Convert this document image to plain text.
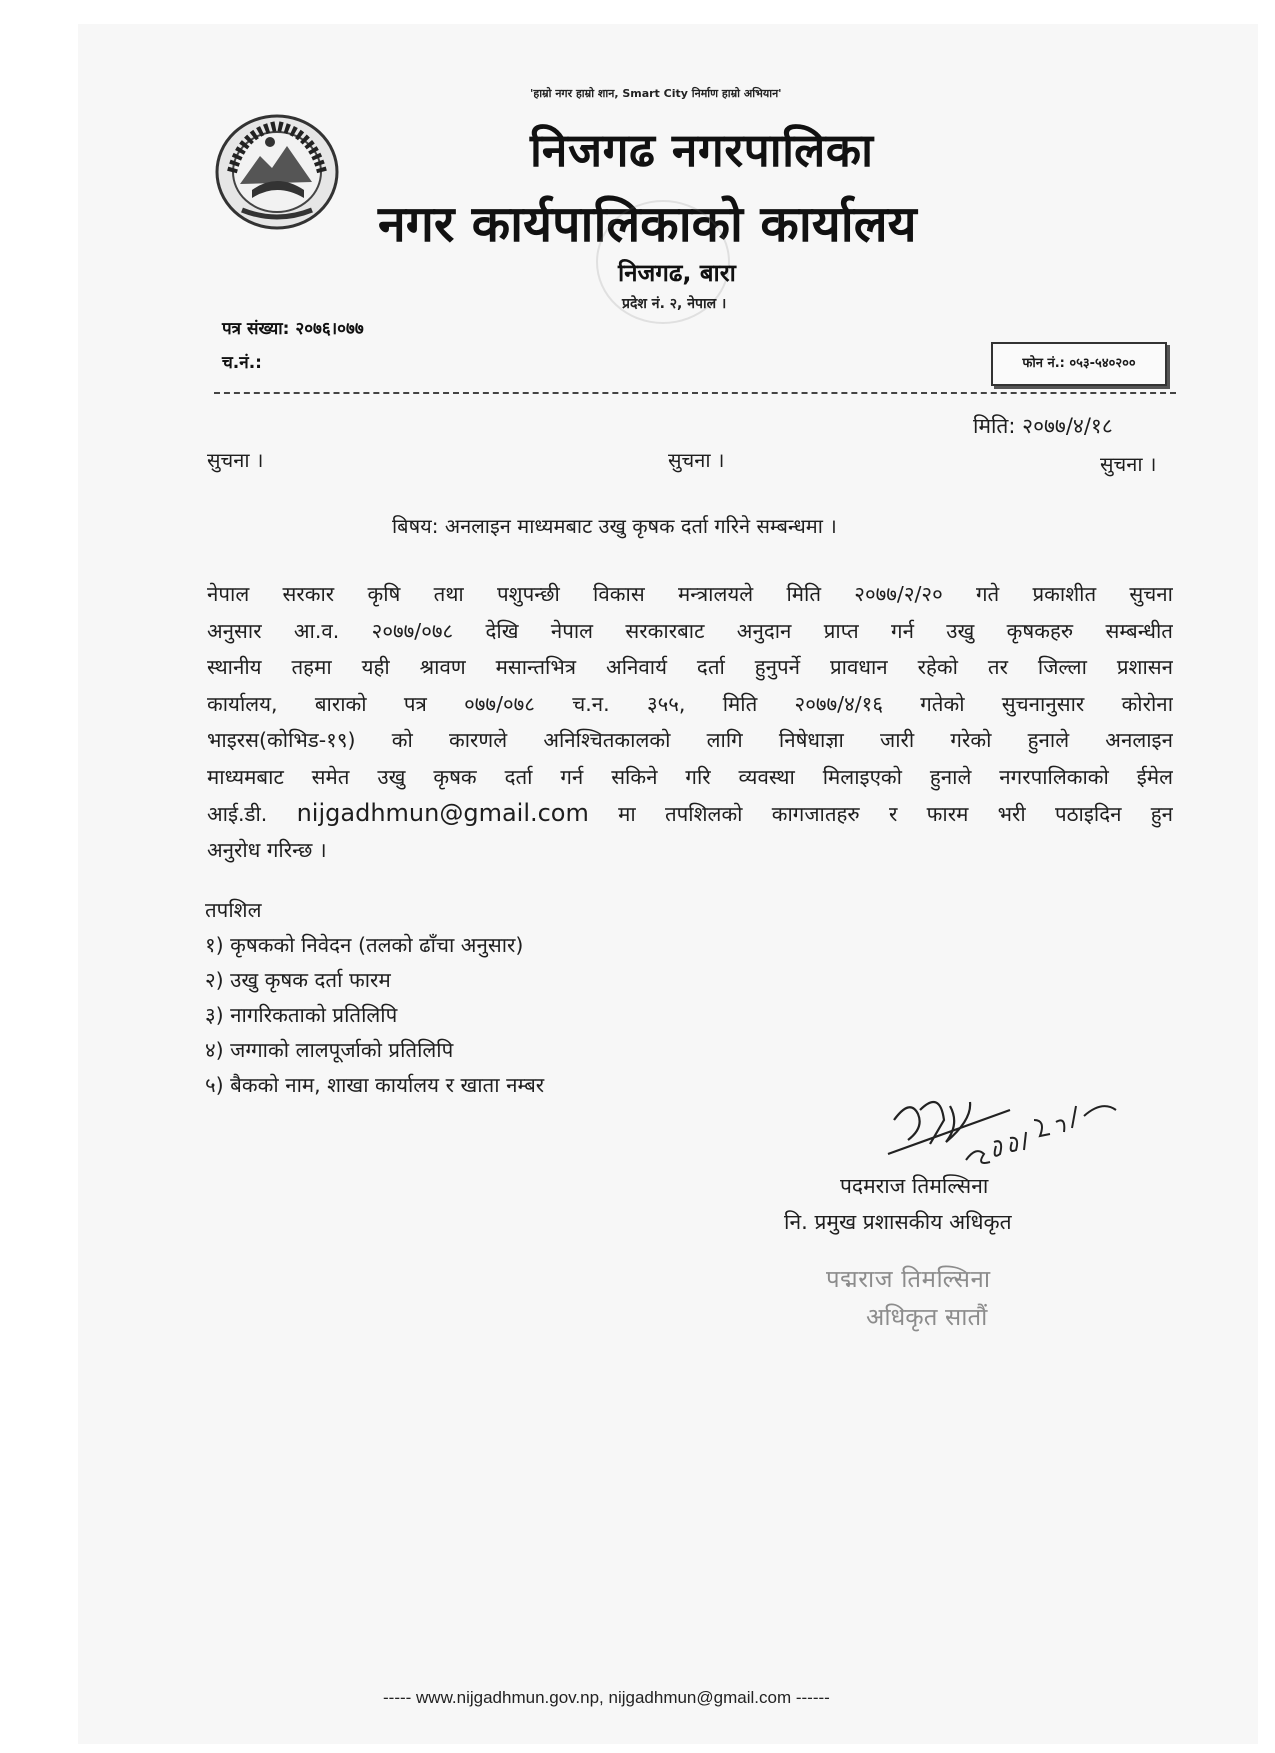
'हाम्रो नगर हाम्रो शान, Smart City निर्माण हाम्रो अभियान'
निजगढ नगरपालिका
नगर कार्यपालिकाको कार्यालय
निजगढ, बारा
प्रदेश नं. २, नेपाल ।
पत्र संख्या: २०७६।०७७
च.नं.:	फोन नं.: ०५३-५४०२००
मिति: २०७७/४/१८
सुचना ।	सुचना ।	सुचना ।
बिषय: अनलाइन माध्यमबाट उखु कृषक दर्ता गरिने सम्बन्धमा ।
नेपाल सरकार कृषि तथा पशुपन्छी विकास मन्त्रालयले मिति २०७७/२/२० गते प्रकाशीत सुचना
अनुसार आ.व. २०७७/०७८ देखि नेपाल सरकारबाट अनुदान प्राप्त गर्न उखु कृषकहरु सम्बन्धीत
स्थानीय तहमा यही श्रावण मसान्तभित्र अनिवार्य दर्ता हुनुपर्ने प्रावधान रहेको तर जिल्ला प्रशासन
कार्यालय, बाराको पत्र ०७७/०७८ च.न. ३५५, मिति २०७७/४/१६ गतेको सुचनानुसार कोरोना
भाइरस(कोभिड-१९) को कारणले अनिश्चितकालको लागि निषेधाज्ञा जारी गरेको हुनाले अनलाइन
माध्यमबाट समेत उखु कृषक दर्ता गर्न सकिने गरि व्यवस्था मिलाइएको हुनाले नगरपालिकाको ईमेल
आई.डी. nijgadhmun@gmail.com मा तपशिलको कागजातहरु र फारम भरी पठाइदिन हुन
अनुरोध गरिन्छ ।
तपशिल
१) कृषकको निवेदन (तलको ढाँचा अनुसार)
२) उखु कृषक दर्ता फारम
३) नागरिकताको प्रतिलिपि
४) जग्गाको लालपूर्जाको प्रतिलिपि
५) बैकको नाम, शाखा कार्यालय र खाता नम्बर
पदमराज तिमल्सिना
नि. प्रमुख प्रशासकीय अधिकृत
पद्मराज तिमल्सिना
अधिकृत सातौं
----- www.nijgadhmun.gov.np, nijgadhmun@gmail.com ------
